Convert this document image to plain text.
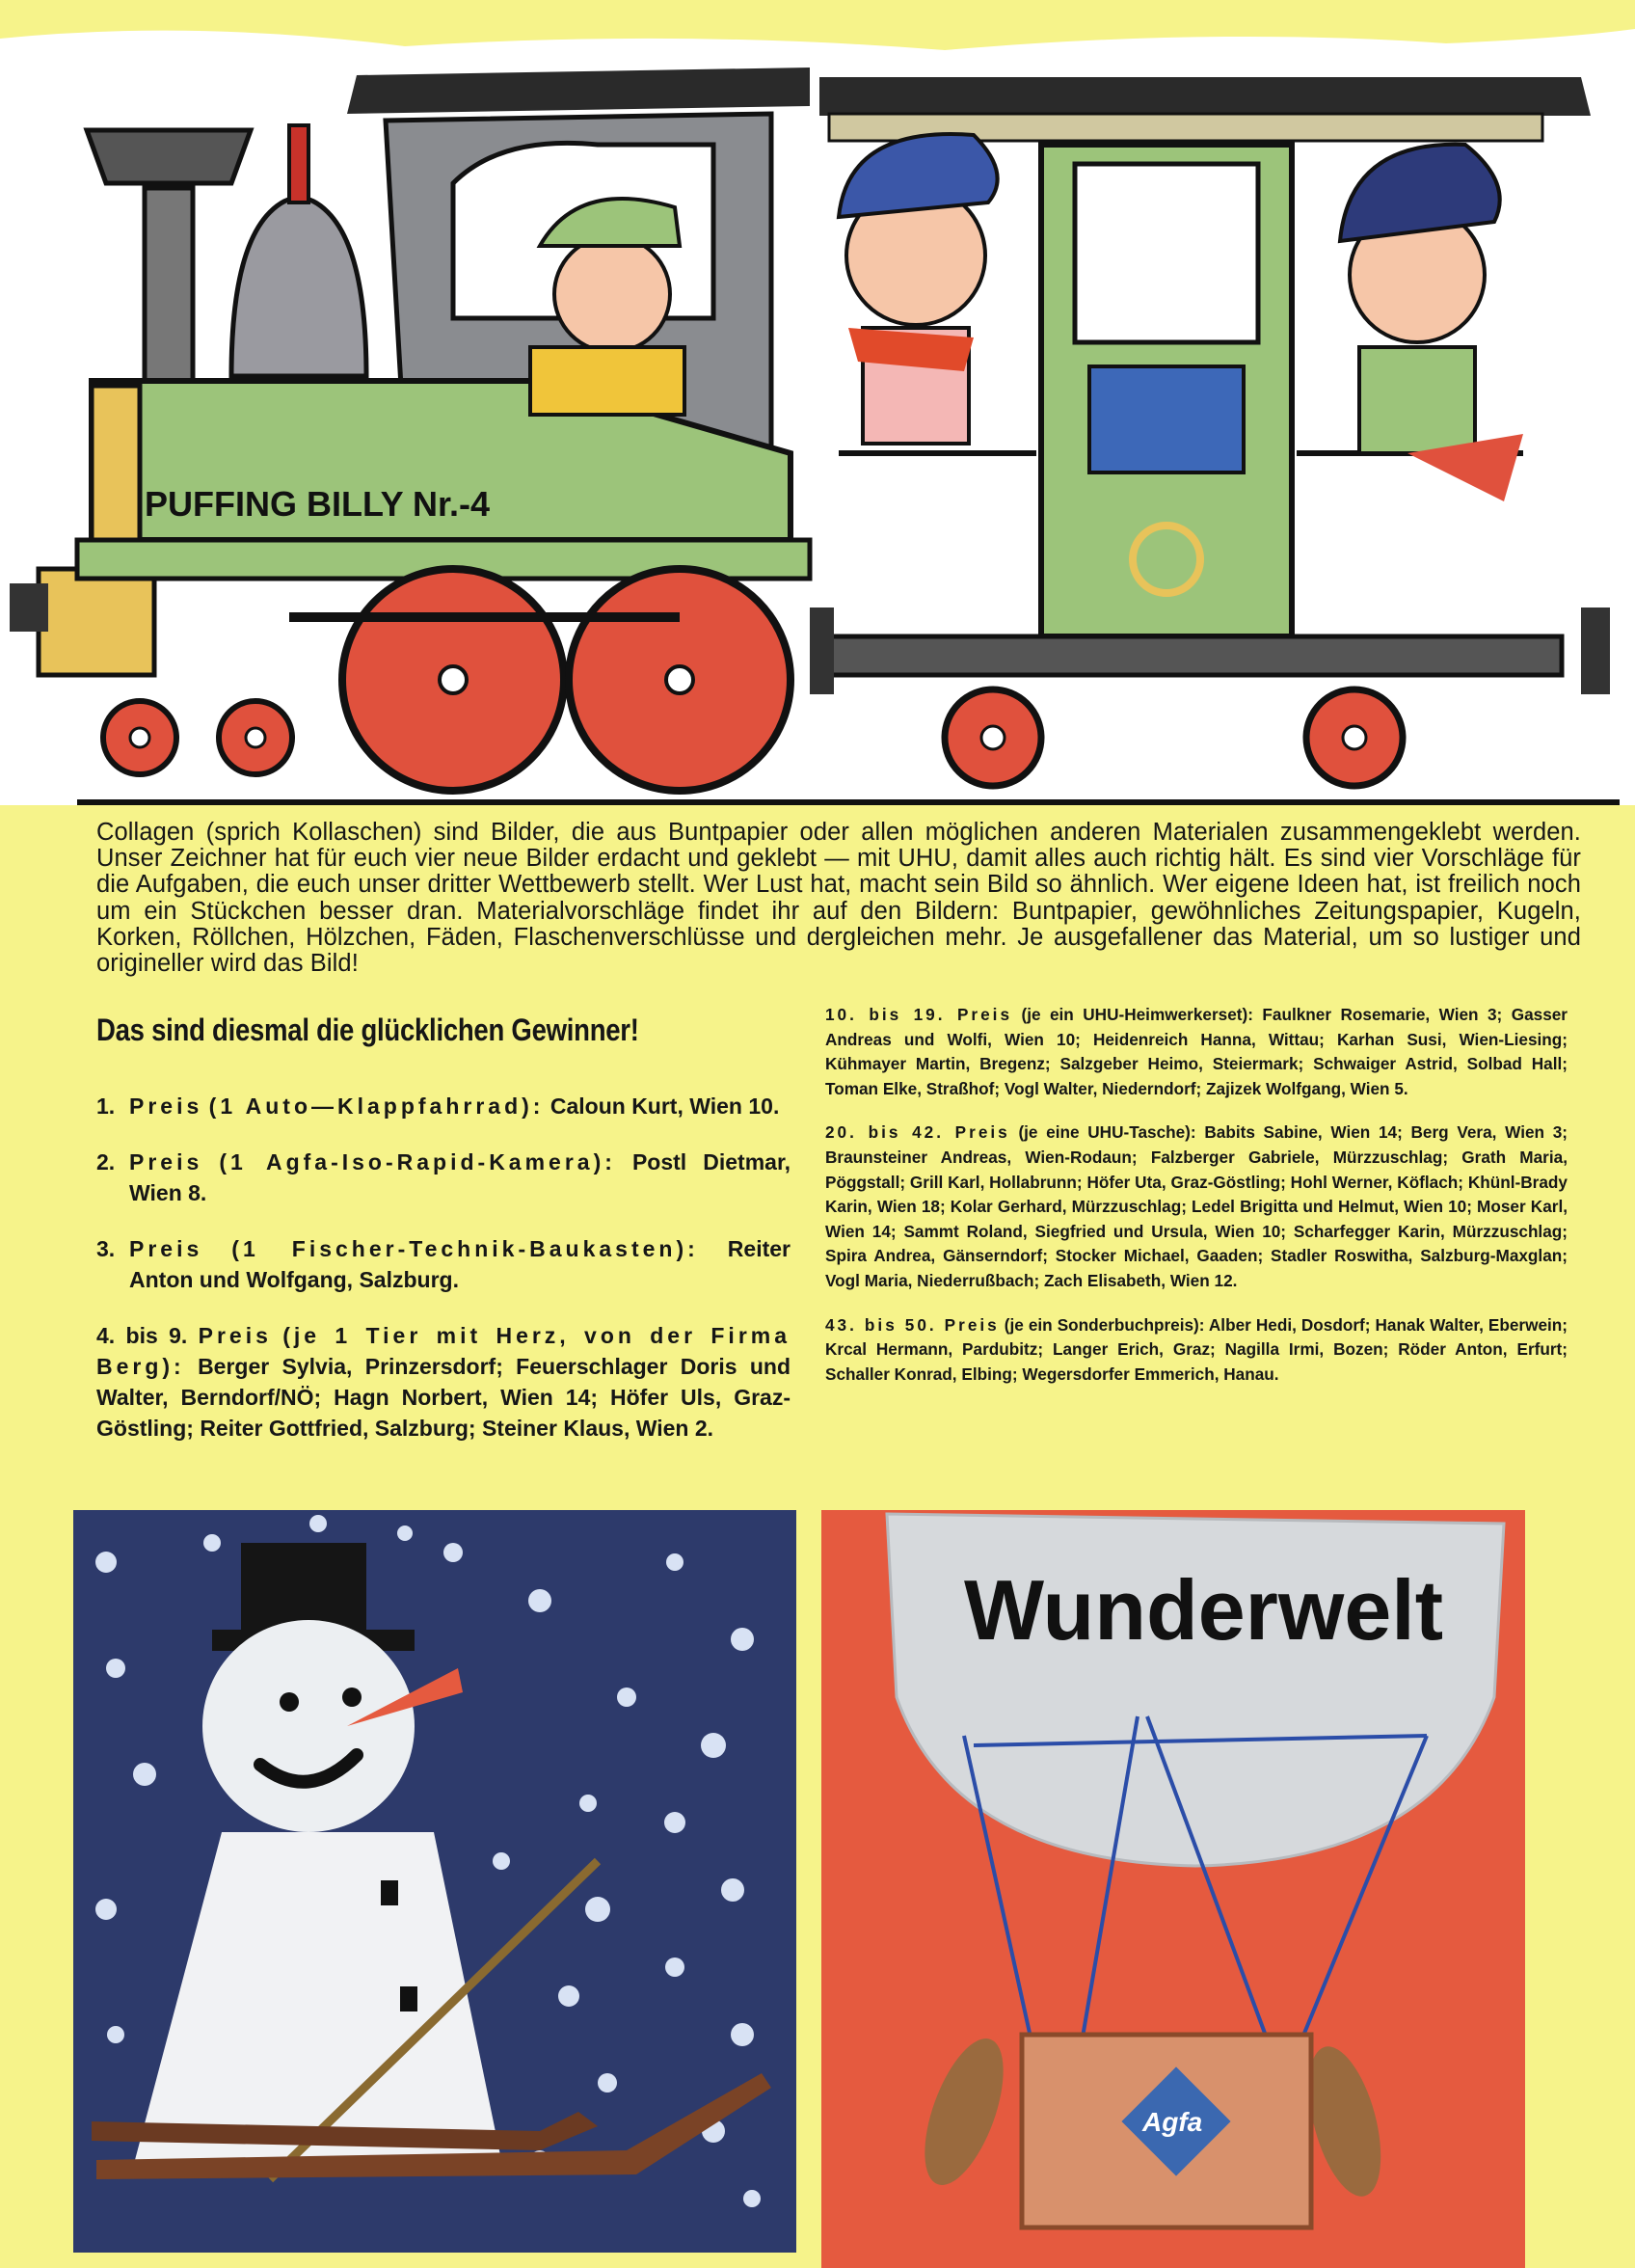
PUFFING BILLY Nr.-4

Collagen (sprich Kollaschen) sind Bilder, die aus Buntpapier oder allen möglichen anderen Materialen zusammengeklebt werden. Unser Zeichner hat für euch vier neue Bilder erdacht und geklebt — mit UHU, damit alles auch richtig hält. Es sind vier Vorschläge für die Aufgaben, die euch unser dritter Wettbewerb stellt. Wer Lust hat, macht sein Bild so ähnlich. Wer eigene Ideen hat, ist freilich noch um ein Stückchen besser dran. Materialvorschläge findet ihr auf den Bildern: Buntpapier, gewöhnliches Zeitungspapier, Kugeln, Korken, Röllchen, Hölzchen, Fäden, Flaschenverschlüsse und dergleichen mehr. Je ausgefallener das Material, um so lustiger und origineller wird das Bild!

Das sind diesmal die glücklichen Gewinner!
1. Preis (1 Auto—Klappfahrrad): Caloun Kurt, Wien 10.
2. Preis (1 Agfa-Iso-Rapid-Kamera): Postl Dietmar, Wien 8.
3. Preis (1 Fischer-Technik-Baukasten): Reiter Anton und Wolfgang, Salzburg.
4. bis 9. Preis (je 1 Tier mit Herz, von der Firma Berg): Berger Sylvia, Prinzersdorf; Feuerschlager Doris und Walter, Berndorf/NÖ; Hagn Norbert, Wien 14; Höfer Uls, Graz-Göstling; Reiter Gottfried, Salzburg; Steiner Klaus, Wien 2.

10. bis 19. Preis (je ein UHU-Heimwerkerset): Faulkner Rosemarie, Wien 3; Gasser Andreas und Wolfi, Wien 10; Heidenreich Hanna, Wittau; Karhan Susi, Wien-Liesing; Kühmayer Martin, Bregenz; Salzgeber Heimo, Steiermark; Schwaiger Astrid, Solbad Hall; Toman Elke, Straßhof; Vogl Walter, Niederndorf; Zajizek Wolfgang, Wien 5.

20. bis 42. Preis (je eine UHU-Tasche): Babits Sabine, Wien 14; Berg Vera, Wien 3; Braunsteiner Andreas, Wien-Rodaun; Falzberger Gabriele, Mürzzuschlag; Grath Maria, Pöggstall; Grill Karl, Hollabrunn; Höfer Uta, Graz-Göstling; Hohl Werner, Köflach; Khünl-Brady Karin, Wien 18; Kolar Gerhard, Mürzzuschlag; Ledel Brigitta und Helmut, Wien 10; Moser Karl, Wien 14; Sammt Roland, Siegfried und Ursula, Wien 10; Scharfegger Karin, Mürzzuschlag; Spira Andrea, Gänserndorf; Stocker Michael, Gaaden; Stadler Roswitha, Salzburg-Maxglan; Vogl Maria, Niederrußbach; Zach Elisabeth, Wien 12.

43. bis 50. Preis (je ein Sonderbuchpreis): Alber Hedi, Dosdorf; Hanak Walter, Eberwein; Krcal Hermann, Pardubitz; Langer Erich, Graz; Nagilla Irmi, Bozen; Röder Anton, Erfurt; Schaller Konrad, Elbing; Wegersdorfer Emmerich, Hanau.

Wunderwelt
Agfa
